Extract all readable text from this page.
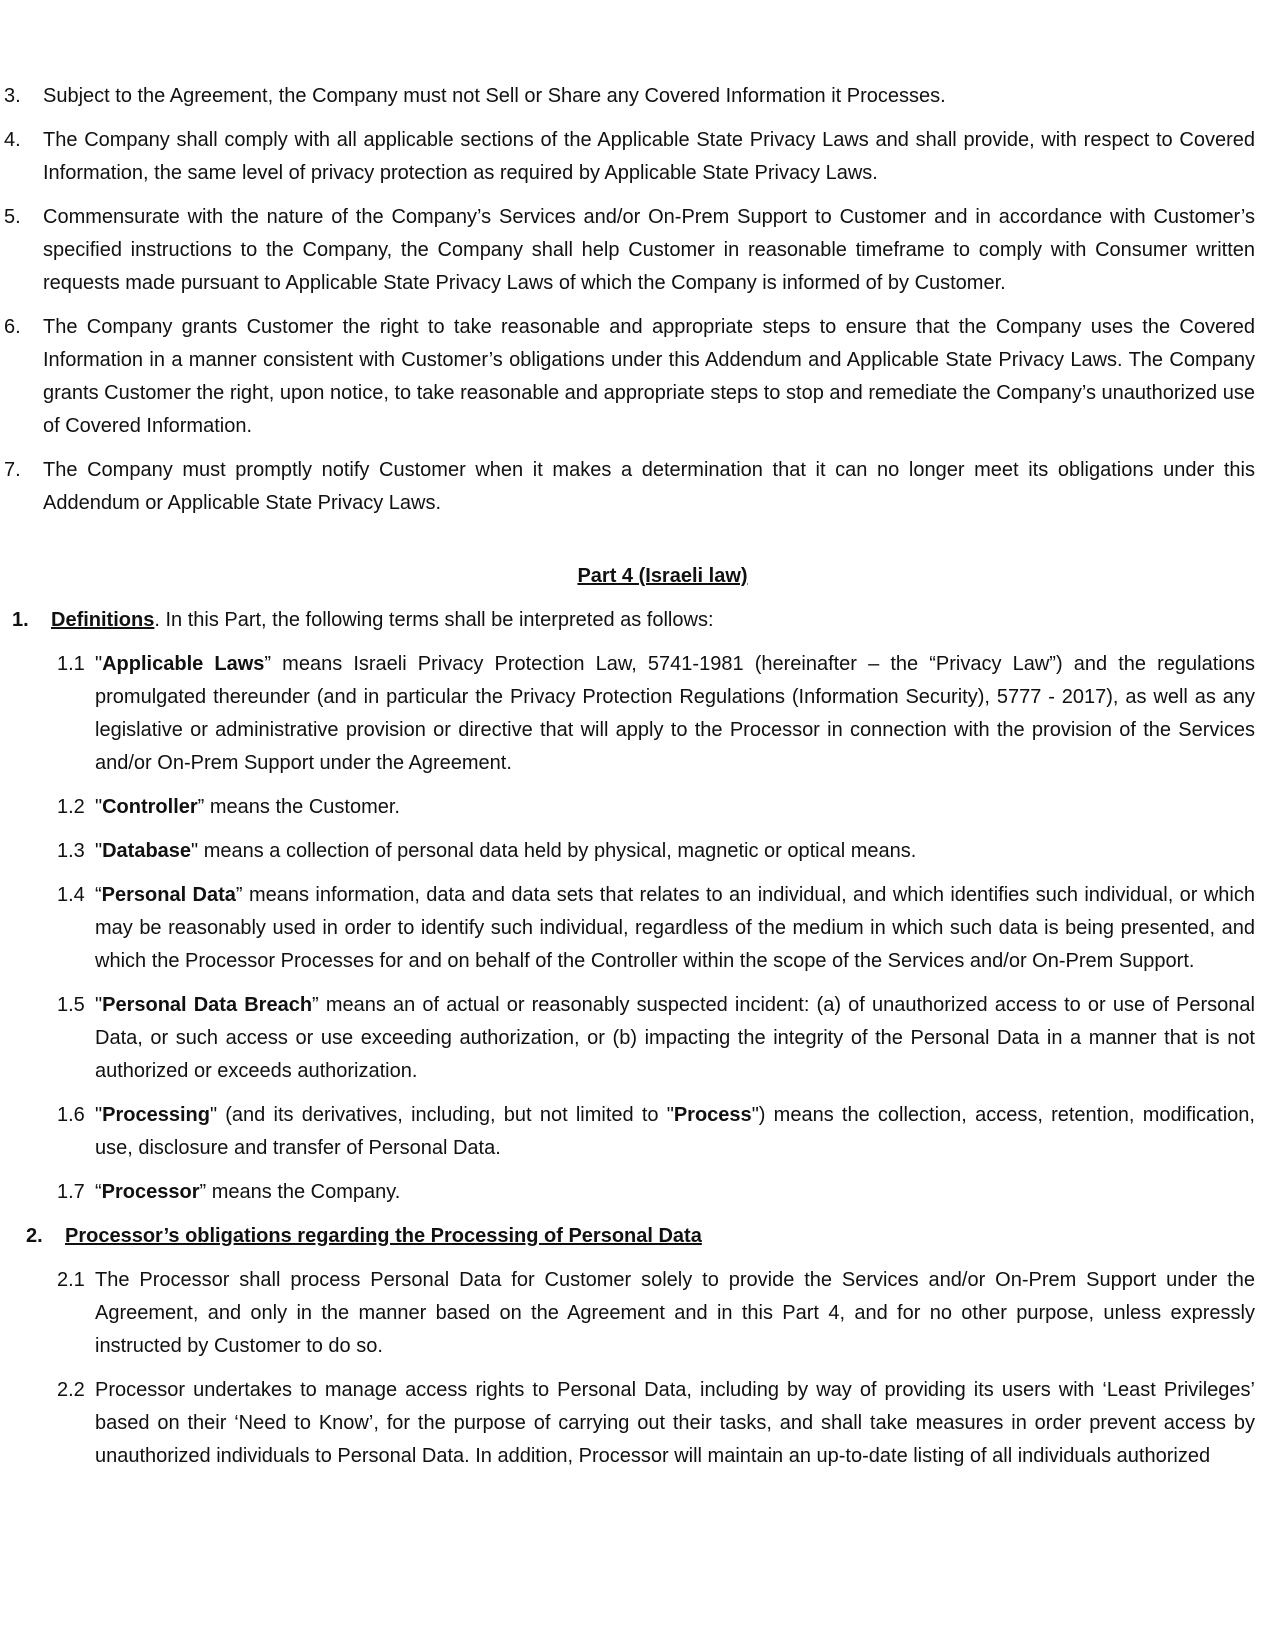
3. Subject to the Agreement, the Company must not Sell or Share any Covered Information it Processes.
4. The Company shall comply with all applicable sections of the Applicable State Privacy Laws and shall provide, with respect to Covered Information, the same level of privacy protection as required by Applicable State Privacy Laws.
5. Commensurate with the nature of the Company’s Services and/or On-Prem Support to Customer and in accordance with Customer’s specified instructions to the Company, the Company shall help Customer in reasonable timeframe to comply with Consumer written requests made pursuant to Applicable State Privacy Laws of which the Company is informed of by Customer.
6. The Company grants Customer the right to take reasonable and appropriate steps to ensure that the Company uses the Covered Information in a manner consistent with Customer’s obligations under this Addendum and Applicable State Privacy Laws. The Company grants Customer the right, upon notice, to take reasonable and appropriate steps to stop and remediate the Company’s unauthorized use of Covered Information.
7. The Company must promptly notify Customer when it makes a determination that it can no longer meet its obligations under this Addendum or Applicable State Privacy Laws.
Part 4 (Israeli law)
1. Definitions. In this Part, the following terms shall be interpreted as follows:
1.1 "Applicable Laws” means Israeli Privacy Protection Law, 5741-1981 (hereinafter – the “Privacy Law”) and the regulations promulgated thereunder (and in particular the Privacy Protection Regulations (Information Security), 5777 - 2017), as well as any legislative or administrative provision or directive that will apply to the Processor in connection with the provision of the Services and/or On-Prem Support under the Agreement.
1.2 "Controller” means the Customer.
1.3 "Database" means a collection of personal data held by physical, magnetic or optical means.
1.4 “Personal Data” means information, data and data sets that relates to an individual, and which identifies such individual, or which may be reasonably used in order to identify such individual, regardless of the medium in which such data is being presented, and which the Processor Processes for and on behalf of the Controller within the scope of the Services and/or On-Prem Support.
1.5 "Personal Data Breach” means an of actual or reasonably suspected incident: (a) of unauthorized access to or use of Personal Data, or such access or use exceeding authorization, or (b) impacting the integrity of the Personal Data in a manner that is not authorized or exceeds authorization.
1.6 "Processing" (and its derivatives, including, but not limited to "Process") means the collection, access, retention, modification, use, disclosure and transfer of Personal Data.
1.7 “Processor” means the Company.
2. Processor’s obligations regarding the Processing of Personal Data
2.1 The Processor shall process Personal Data for Customer solely to provide the Services and/or On-Prem Support under the Agreement, and only in the manner based on the Agreement and in this Part 4, and for no other purpose, unless expressly instructed by Customer to do so.
2.2 Processor undertakes to manage access rights to Personal Data, including by way of providing its users with ‘Least Privileges’ based on their ‘Need to Know’, for the purpose of carrying out their tasks, and shall take measures in order prevent access by unauthorized individuals to Personal Data. In addition, Processor will maintain an up-to-date listing of all individuals authorized
